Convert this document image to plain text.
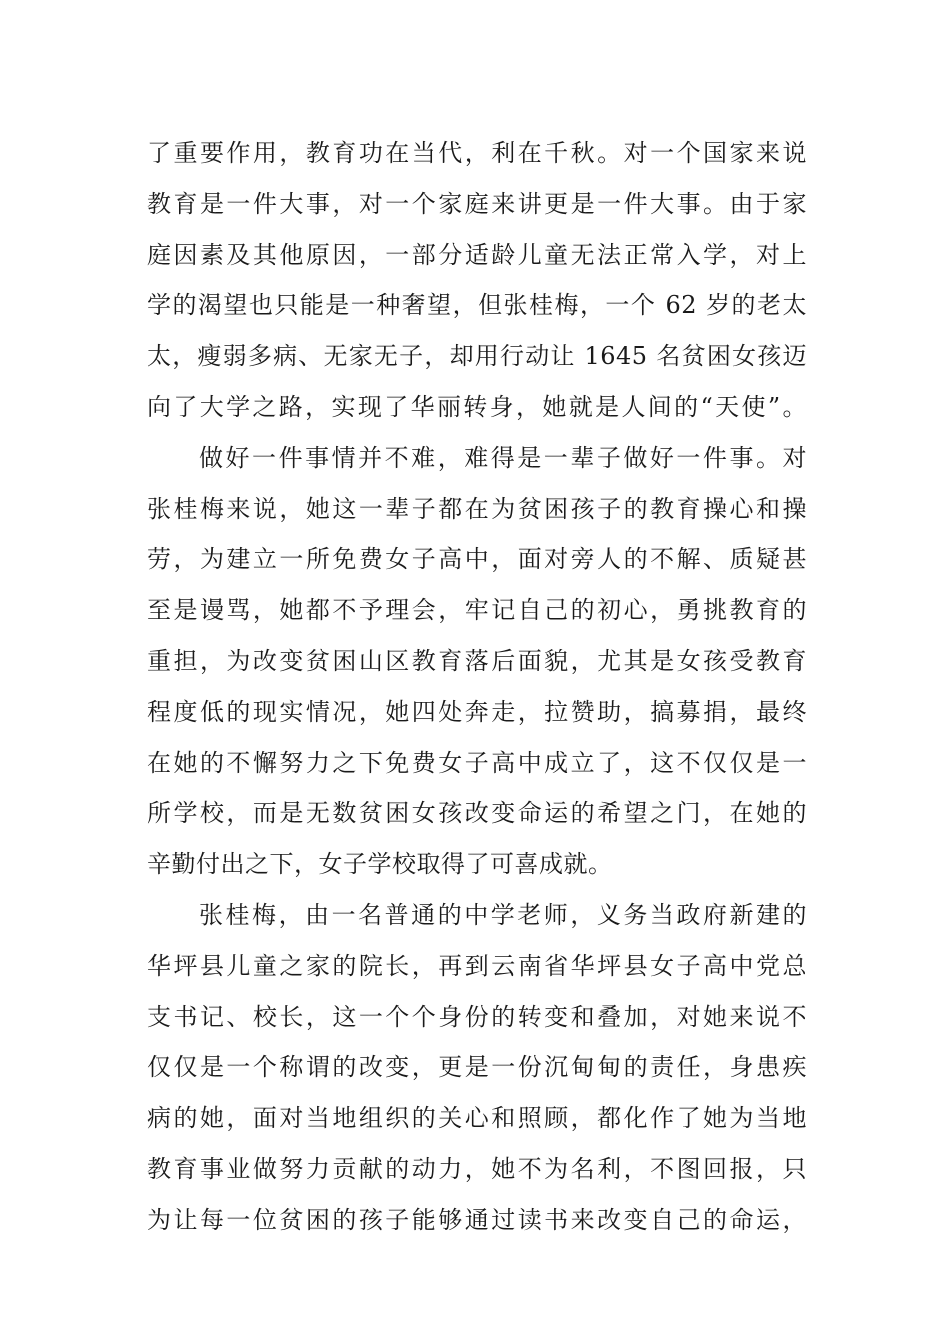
了重要作用，教育功在当代，利在千秋。对一个国家来说
教育是一件大事，对一个家庭来讲更是一件大事。由于家
庭因素及其他原因，一部分适龄儿童无法正常入学，对上
学的渴望也只能是一种奢望，但张桂梅，一个 62 岁的老太
太，瘦弱多病、无家无子，却用行动让 1645 名贫困女孩迈
向了大学之路，实现了华丽转身，她就是人间的“天使”。
做好一件事情并不难，难得是一辈子做好一件事。对
张桂梅来说，她这一辈子都在为贫困孩子的教育操心和操
劳，为建立一所免费女子高中，面对旁人的不解、质疑甚
至是谩骂，她都不予理会，牢记自己的初心，勇挑教育的
重担，为改变贫困山区教育落后面貌，尤其是女孩受教育
程度低的现实情况，她四处奔走，拉赞助，搞募捐，最终
在她的不懈努力之下免费女子高中成立了，这不仅仅是一
所学校，而是无数贫困女孩改变命运的希望之门，在她的
辛勤付出之下，女子学校取得了可喜成就。
张桂梅，由一名普通的中学老师，义务当政府新建的
华坪县儿童之家的院长，再到云南省华坪县女子高中党总
支书记、校长，这一个个身份的转变和叠加，对她来说不
仅仅是一个称谓的改变，更是一份沉甸甸的责任，身患疾
病的她，面对当地组织的关心和照顾，都化作了她为当地
教育事业做努力贡献的动力，她不为名利，不图回报，只
为让每一位贫困的孩子能够通过读书来改变自己的命运，
